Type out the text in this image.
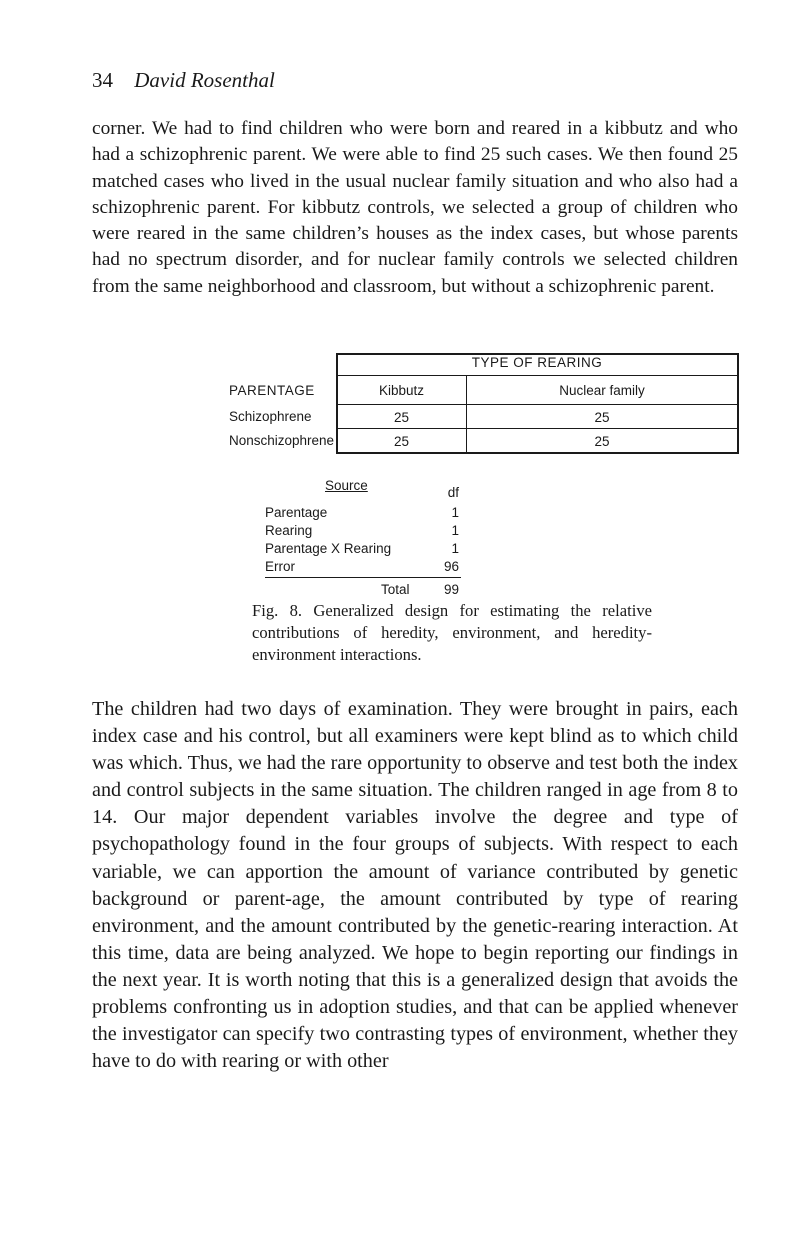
34 David Rosenthal

corner. We had to find children who were born and reared in a kibbutz and who had a schizophrenic parent. We were able to find 25 such cases. We then found 25 matched cases who lived in the usual nuclear family situation and who also had a schizophrenic parent. For kibbutz controls, we selected a group of children who were reared in the same children’s houses as the index cases, but whose parents had no spectrum disorder, and for nuclear family controls we selected children from the same neighborhood and classroom, but without a schizophrenic parent.

TYPE OF REARING
PARENTAGE	Kibbutz	Nuclear family
Schizophrene	25	25
Nonschizophrene	25	25
Source	df
Parentage	1
Rearing	1
Parentage X Rearing	1
Error	96
Total	99
Fig. 8. Generalized design for estimating the relative contributions of heredity, environment, and heredity-environment interactions.

The children had two days of examination. They were brought in pairs, each index case and his control, but all examiners were kept blind as to which child was which. Thus, we had the rare opportunity to observe and test both the index and control subjects in the same situation. The children ranged in age from 8 to 14. Our major dependent variables involve the degree and type of psychopathology found in the four groups of subjects. With respect to each variable, we can apportion the amount of variance contributed by genetic background or parent-age, the amount contributed by type of rearing environment, and the amount contributed by the genetic-rearing interaction. At this time, data are being analyzed. We hope to begin reporting our findings in the next year. It is worth noting that this is a generalized design that avoids the problems confronting us in adoption studies, and that can be applied whenever the investigator can specify two contrasting types of environment, whether they have to do with rearing or with other
